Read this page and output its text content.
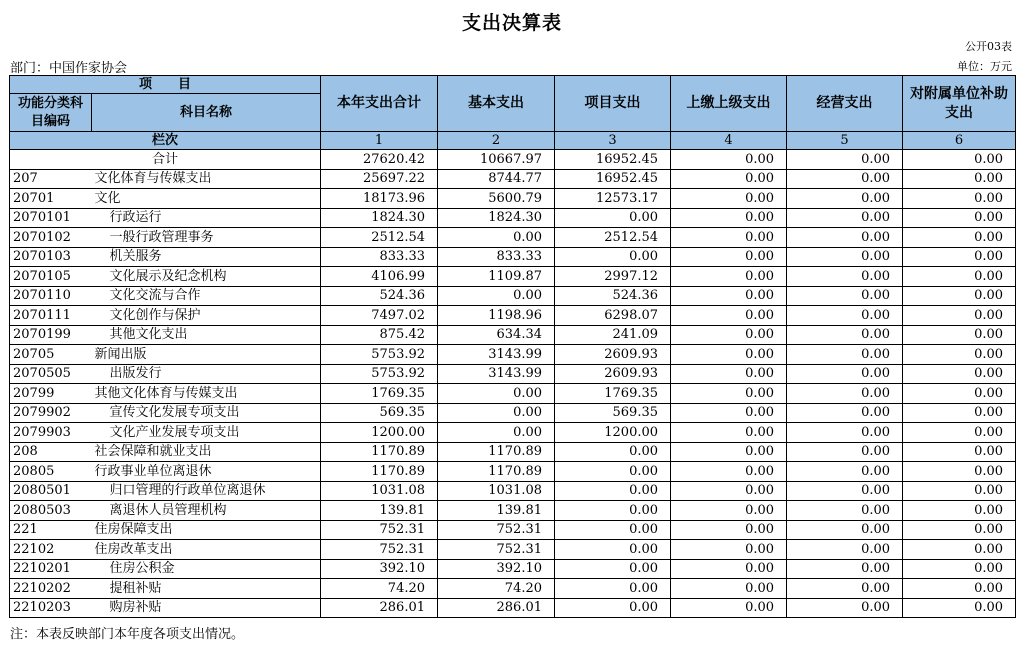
支出决算表
公开03表
部门：中国作家协会	单位：万元
项　　目		本年支出合计	基本支出	项目支出	上缴上级支出	经营支出	对附属单位补助支出
功能分类科目编码	科目名称						
栏次		1	2	3	4	5	6
合计		27620.42	10667.97	16952.45	0.00	0.00	0.00
207	文化体育与传媒支出	25697.22	8744.77	16952.45	0.00	0.00	0.00
20701	文化	18173.96	5600.79	12573.17	0.00	0.00	0.00
2070101	行政运行	1824.30	1824.30	0.00	0.00	0.00	0.00
2070102	一般行政管理事务	2512.54	0.00	2512.54	0.00	0.00	0.00
2070103	机关服务	833.33	833.33	0.00	0.00	0.00	0.00
2070105	文化展示及纪念机构	4106.99	1109.87	2997.12	0.00	0.00	0.00
2070110	文化交流与合作	524.36	0.00	524.36	0.00	0.00	0.00
2070111	文化创作与保护	7497.02	1198.96	6298.07	0.00	0.00	0.00
2070199	其他文化支出	875.42	634.34	241.09	0.00	0.00	0.00
20705	新闻出版	5753.92	3143.99	2609.93	0.00	0.00	0.00
2070505	出版发行	5753.92	3143.99	2609.93	0.00	0.00	0.00
20799	其他文化体育与传媒支出	1769.35	0.00	1769.35	0.00	0.00	0.00
2079902	宣传文化发展专项支出	569.35	0.00	569.35	0.00	0.00	0.00
2079903	文化产业发展专项支出	1200.00	0.00	1200.00	0.00	0.00	0.00
208	社会保障和就业支出	1170.89	1170.89	0.00	0.00	0.00	0.00
20805	行政事业单位离退休	1170.89	1170.89	0.00	0.00	0.00	0.00
2080501	归口管理的行政单位离退休	1031.08	1031.08	0.00	0.00	0.00	0.00
2080503	离退休人员管理机构	139.81	139.81	0.00	0.00	0.00	0.00
221	住房保障支出	752.31	752.31	0.00	0.00	0.00	0.00
22102	住房改革支出	752.31	752.31	0.00	0.00	0.00	0.00
2210201	住房公积金	392.10	392.10	0.00	0.00	0.00	0.00
2210202	提租补贴	74.20	74.20	0.00	0.00	0.00	0.00
2210203	购房补贴	286.01	286.01	0.00	0.00	0.00	0.00
注：本表反映部门本年度各项支出情况。
